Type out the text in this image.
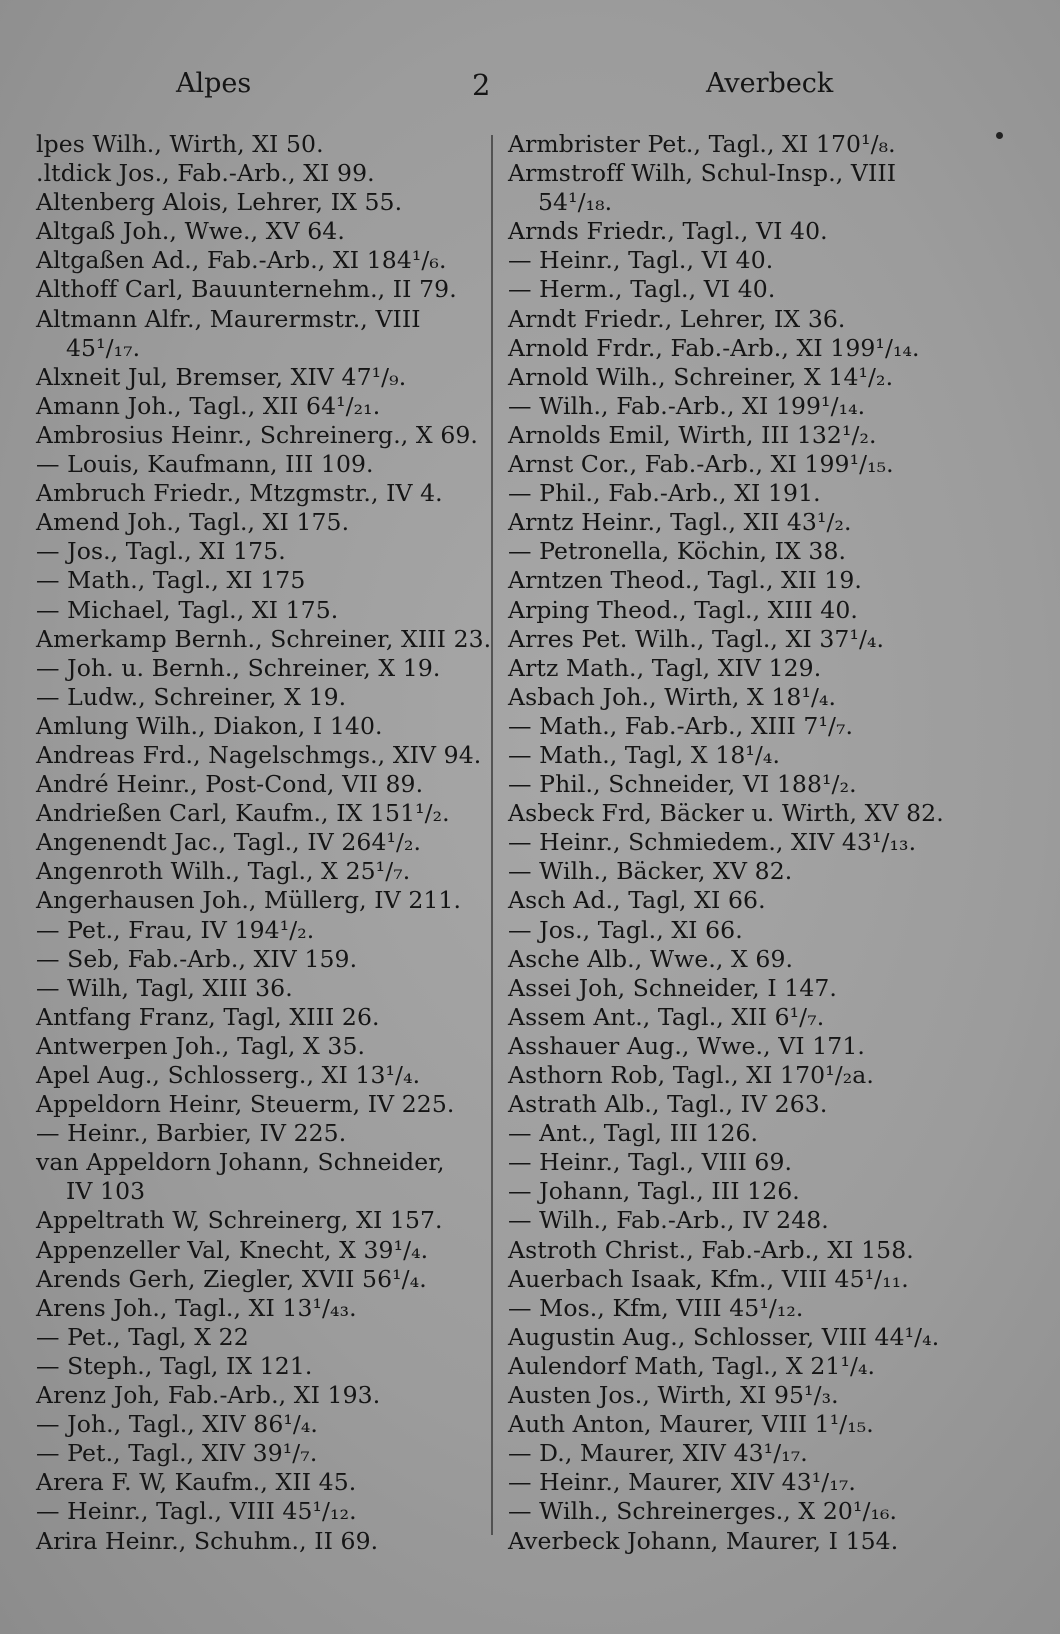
Alpes	2	Averbeck
lpes Wilh., Wirth, XI 50.
.ltdick Jos., Fab.-Arb., XI 99.
Altenberg Alois, Lehrer, IX 55.
Altgaß Joh., Wwe., XV 64.
Altgaßen Ad., Fab.-Arb., XI 184¹/₆.
Althoff Carl, Bauunternehm., II 79.
Altmann Alfr., Maurermstr., VIII
45¹/₁₇.
Alxneit Jul, Bremser, XIV 47¹/₉.
Amann Joh., Tagl., XII 64¹/₂₁.
Ambrosius Heinr., Schreinerg., X 69.
— Louis, Kaufmann, III 109.
Ambruch Friedr., Mtzgmstr., IV 4.
Amend Joh., Tagl., XI 175.
— Jos., Tagl., XI 175.
— Math., Tagl., XI 175
— Michael, Tagl., XI 175.
Amerkamp Bernh., Schreiner, XIII 23.
— Joh. u. Bernh., Schreiner, X 19.
— Ludw., Schreiner, X 19.
Amlung Wilh., Diakon, I 140.
Andreas Frd., Nagelschmgs., XIV 94.
André Heinr., Post-Cond, VII 89.
Andrießen Carl, Kaufm., IX 151¹/₂.
Angenendt Jac., Tagl., IV 264¹/₂.
Angenroth Wilh., Tagl., X 25¹/₇.
Angerhausen Joh., Müllerg, IV 211.
— Pet., Frau, IV 194¹/₂.
— Seb, Fab.-Arb., XIV 159.
— Wilh, Tagl, XIII 36.
Antfang Franz, Tagl, XIII 26.
Antwerpen Joh., Tagl, X 35.
Apel Aug., Schlosserg., XI 13¹/₄.
Appeldorn Heinr, Steuerm, IV 225.
— Heinr., Barbier, IV 225.
van Appeldorn Johann, Schneider,
IV 103
Appeltrath W, Schreinerg, XI 157.
Appenzeller Val, Knecht, X 39¹/₄.
Arends Gerh, Ziegler, XVII 56¹/₄.
Arens Joh., Tagl., XI 13¹/₄₃.
— Pet., Tagl, X 22
— Steph., Tagl, IX 121.
Arenz Joh, Fab.-Arb., XI 193.
— Joh., Tagl., XIV 86¹/₄.
— Pet., Tagl., XIV 39¹/₇.
Arera F. W, Kaufm., XII 45.
— Heinr., Tagl., VIII 45¹/₁₂.
Arira Heinr., Schuhm., II 69.
Armbrister Pet., Tagl., XI 170¹/₈.
Armstroff Wilh, Schul-Insp., VIII
54¹/₁₈.
Arnds Friedr., Tagl., VI 40.
— Heinr., Tagl., VI 40.
— Herm., Tagl., VI 40.
Arndt Friedr., Lehrer, IX 36.
Arnold Frdr., Fab.-Arb., XI 199¹/₁₄.
Arnold Wilh., Schreiner, X 14¹/₂.
— Wilh., Fab.-Arb., XI 199¹/₁₄.
Arnolds Emil, Wirth, III 132¹/₂.
Arnst Cor., Fab.-Arb., XI 199¹/₁₅.
— Phil., Fab.-Arb., XI 191.
Arntz Heinr., Tagl., XII 43¹/₂.
— Petronella, Köchin, IX 38.
Arntzen Theod., Tagl., XII 19.
Arping Theod., Tagl., XIII 40.
Arres Pet. Wilh., Tagl., XI 37¹/₄.
Artz Math., Tagl, XIV 129.
Asbach Joh., Wirth, X 18¹/₄.
— Math., Fab.-Arb., XIII 7¹/₇.
— Math., Tagl, X 18¹/₄.
— Phil., Schneider, VI 188¹/₂.
Asbeck Frd, Bäcker u. Wirth, XV 82.
— Heinr., Schmiedem., XIV 43¹/₁₃.
— Wilh., Bäcker, XV 82.
Asch Ad., Tagl, XI 66.
— Jos., Tagl., XI 66.
Asche Alb., Wwe., X 69.
Assei Joh, Schneider, I 147.
Assem Ant., Tagl., XII 6¹/₇.
Asshauer Aug., Wwe., VI 171.
Asthorn Rob, Tagl., XI 170¹/₂a.
Astrath Alb., Tagl., IV 263.
— Ant., Tagl, III 126.
— Heinr., Tagl., VIII 69.
— Johann, Tagl., III 126.
— Wilh., Fab.-Arb., IV 248.
Astroth Christ., Fab.-Arb., XI 158.
Auerbach Isaak, Kfm., VIII 45¹/₁₁.
— Mos., Kfm, VIII 45¹/₁₂.
Augustin Aug., Schlosser, VIII 44¹/₄.
Aulendorf Math, Tagl., X 21¹/₄.
Austen Jos., Wirth, XI 95¹/₃.
Auth Anton, Maurer, VIII 1¹/₁₅.
— D., Maurer, XIV 43¹/₁₇.
— Heinr., Maurer, XIV 43¹/₁₇.
— Wilh., Schreinerges., X 20¹/₁₆.
Averbeck Johann, Maurer, I 154.
